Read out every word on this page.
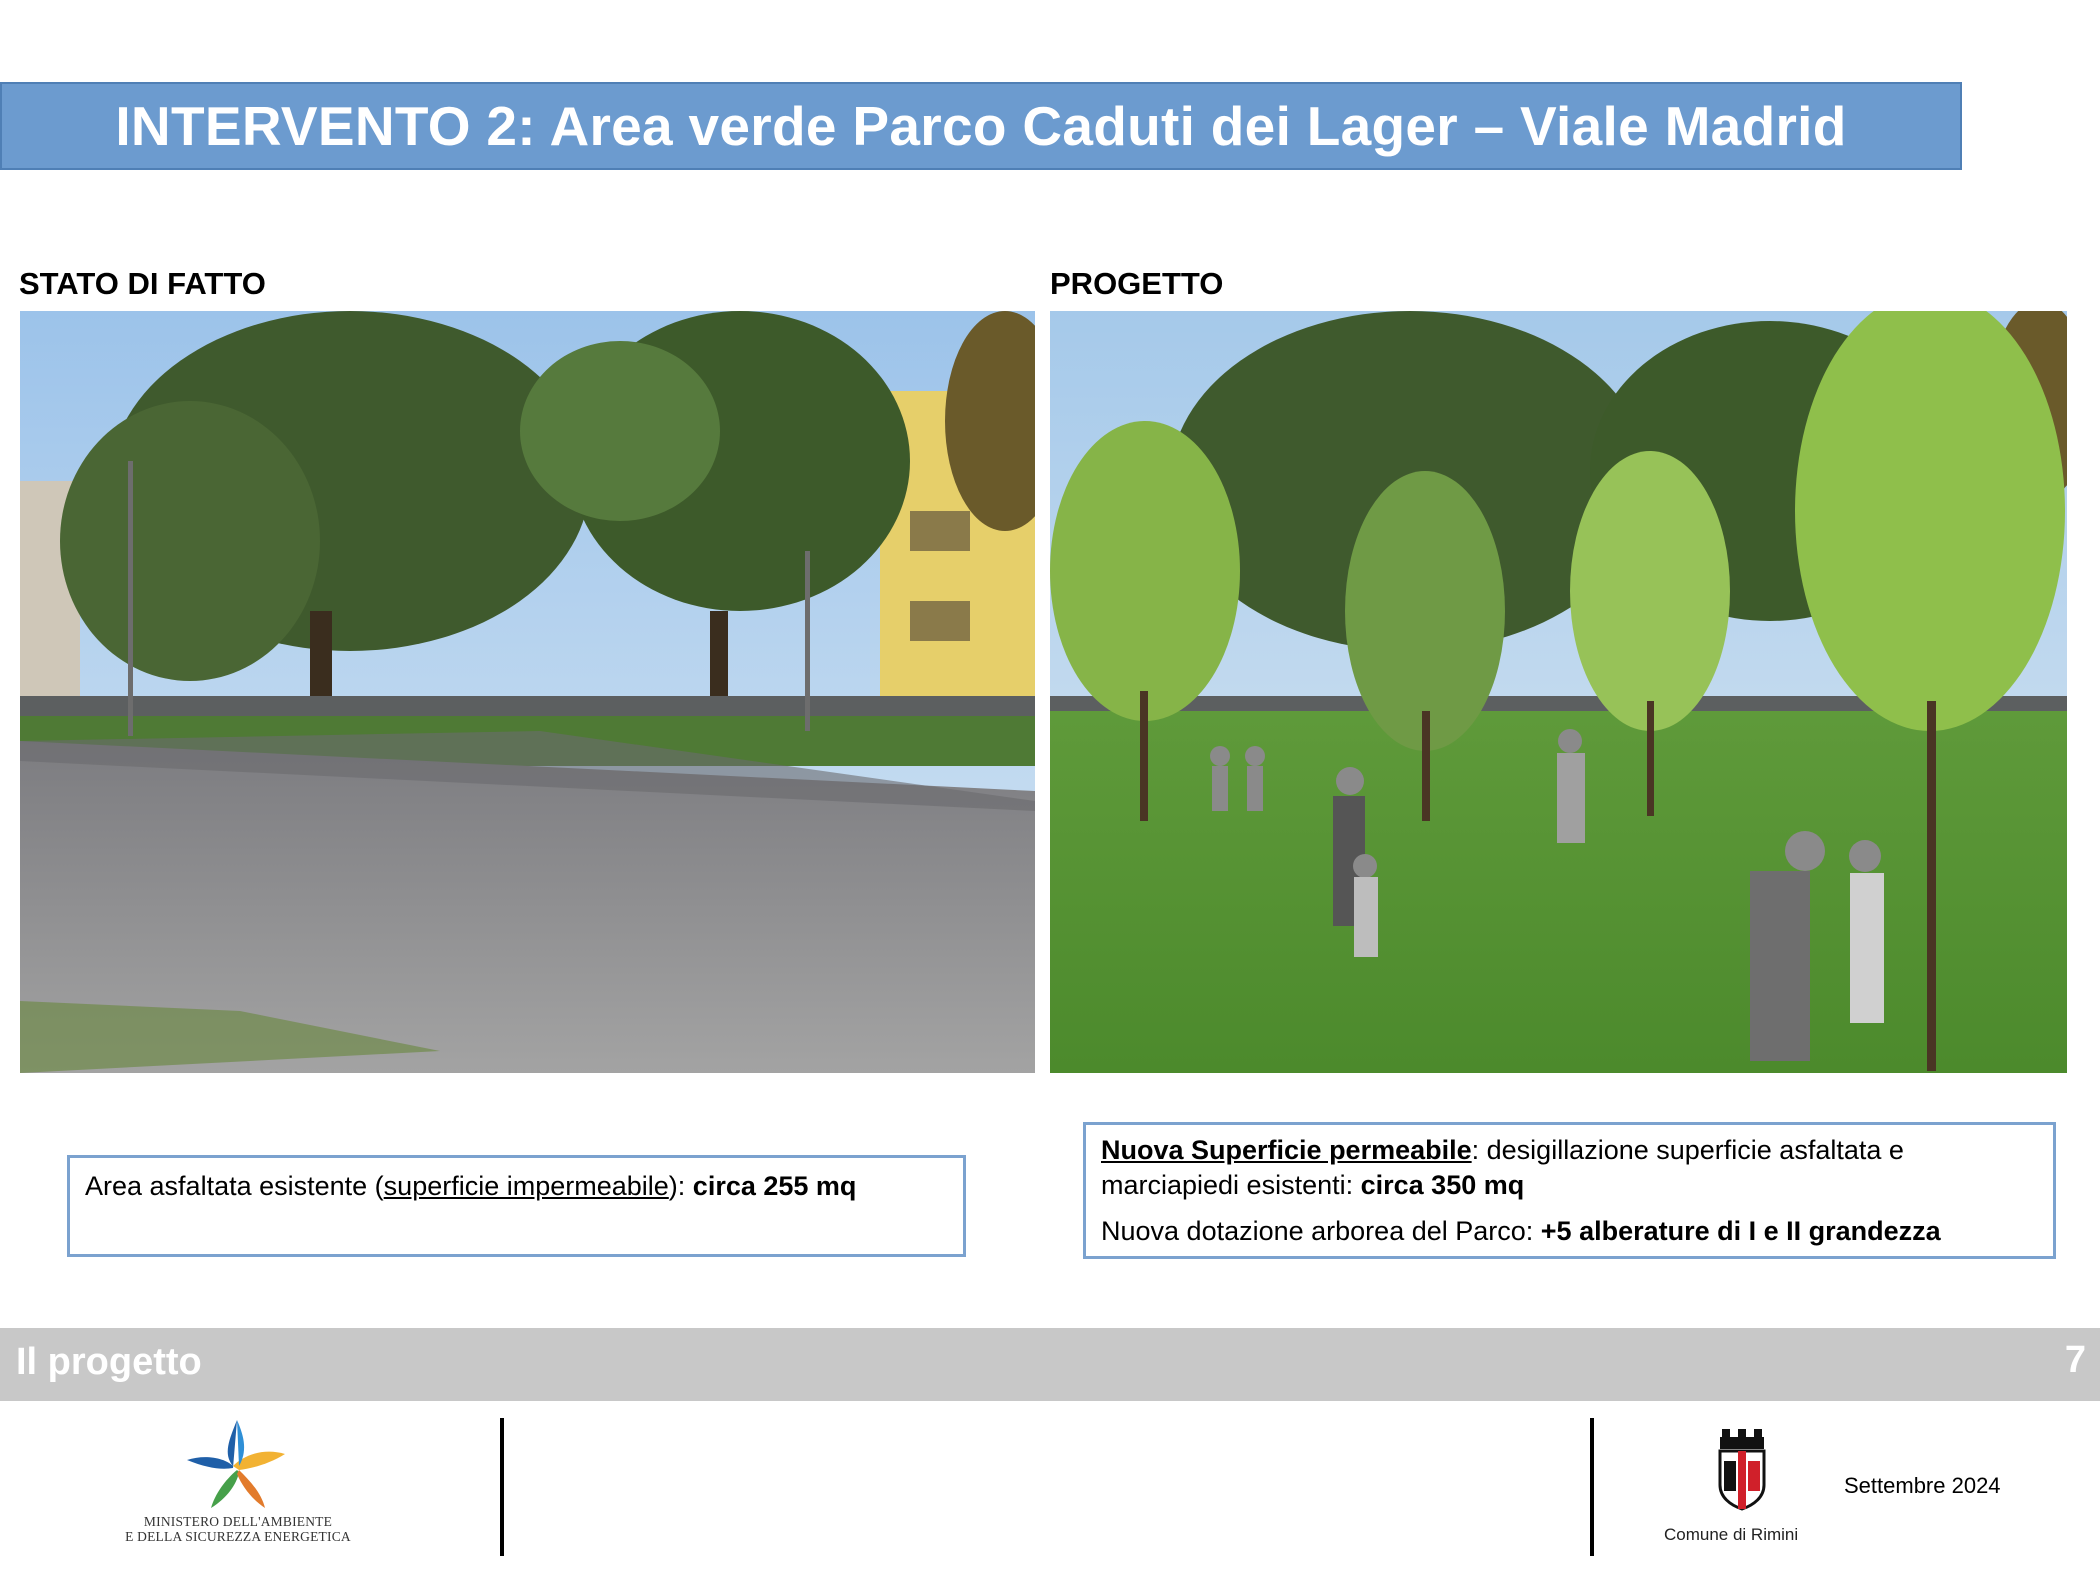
INTERVENTO 2: Area verde Parco Caduti dei Lager – Viale Madrid
STATO DI FATTO	PROGETTO

Area asfaltata esistente (superficie impermeabile): circa 255 mq

Nuova Superficie permeabile: desigillazione superficie asfaltata e marciapiedi esistenti: circa 350 mq

Nuova dotazione arborea del Parco: +5 alberature di I e II grandezza

Il progetto	7
MINISTERO DELL'AMBIENTE
E DELLA SICUREZZA ENERGETICA	Comune di Rimini
Settembre 2024
